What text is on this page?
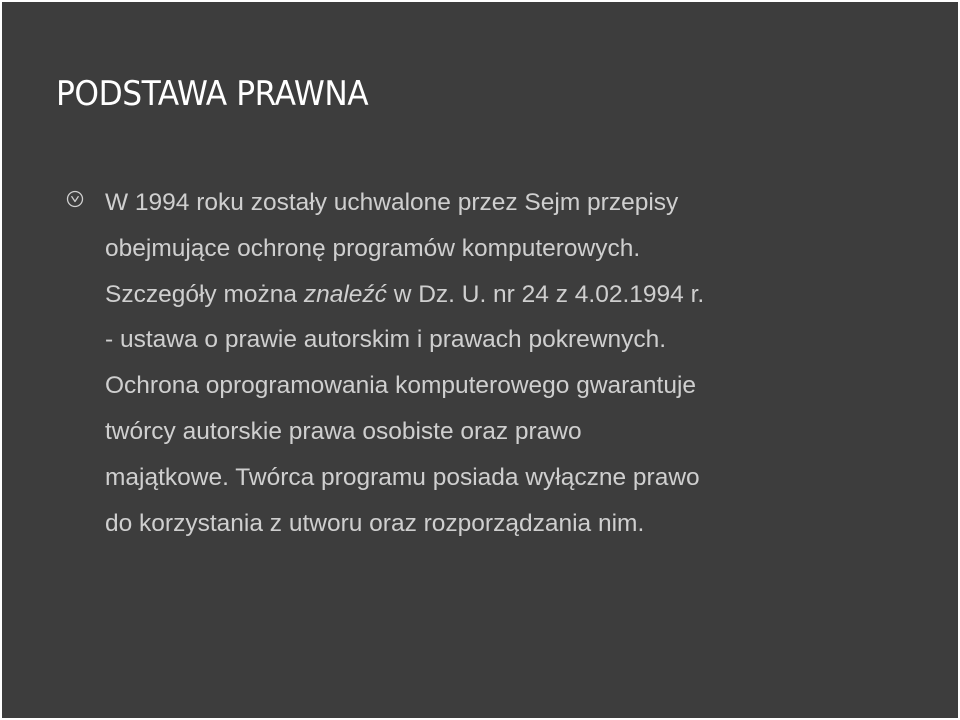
PODSTAWA PRAWNA

W 1994 roku zostały uchwalone przez Sejm przepisy
obejmujące ochronę programów komputerowych.
Szczegóły można znaleźć w Dz. U. nr 24 z 4.02.1994 r.
- ustawa o prawie autorskim i prawach pokrewnych.
Ochrona oprogramowania komputerowego gwarantuje
twórcy autorskie prawa osobiste oraz prawo
majątkowe. Twórca programu posiada wyłączne prawo
do korzystania z utworu oraz rozporządzania nim.
